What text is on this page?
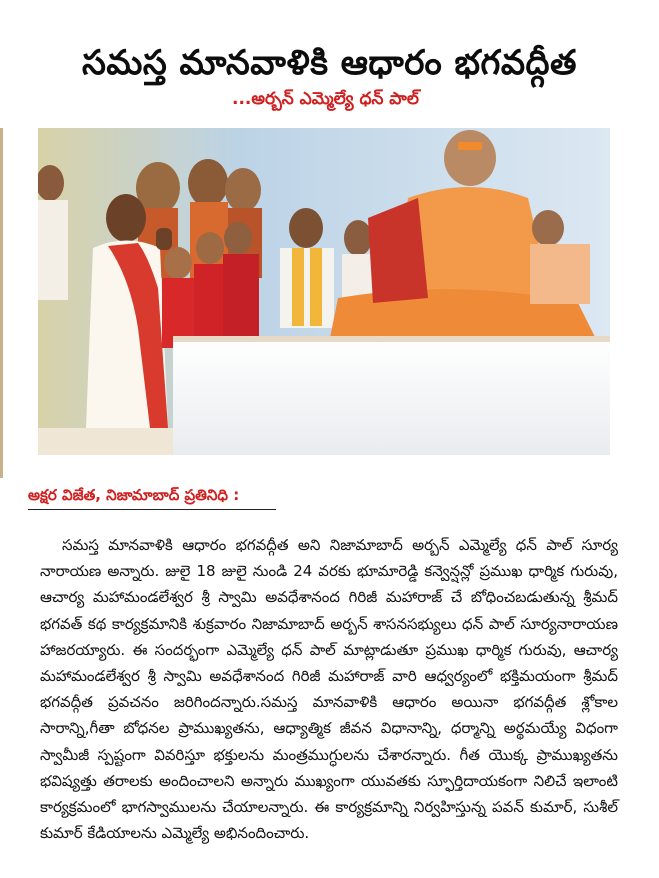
సమస్త మానవాళికి ఆధారం భగవద్గీత
...అర్బన్ ఎమ్మెల్యే ధన్ పాల్
అక్షర విజేత, నిజామాబాద్ ప్రతినిధి :

సమస్త మానవాళికి ఆధారం భగవద్గీత అని నిజామాబాద్ అర్బన్ ఎమ్మెల్యే ధన్ పాల్ సూర్య నారాయణ అన్నారు. జులై 18 జులై నుండి 24 వరకు భూమారెడ్డి కన్వెన్షన్లో ప్రముఖ ధార్మిక గురువు, ఆచార్య మహామండలేశ్వర శ్రీ స్వామి అవధేశానంద గిరిజీ మహారాజ్ చే బోధించబడుతున్న శ్రీమద్ భగవత్ కథ కార్యక్రమానికి శుక్రవారం నిజామాబాద్ అర్బన్ శాసనసభ్యులు ధన్ పాల్ సూర్యనారాయణ హాజరయ్యారు. ఈ సందర్భంగా ఎమ్మెల్యే ధన్ పాల్ మాట్లాడుతూ ప్రముఖ ధార్మిక గురువు, ఆచార్య మహామండలేశ్వర శ్రీ స్వామి అవధేశానంద గిరిజీ మహారాజ్ వారి ఆధ్వర్యంలో భక్తిమయంగా శ్రీమద్ భగవద్గీత ప్రవచనం జరిగిందన్నారు.సమస్త మానవాళికి ఆధారం అయినా భగవద్గీత శ్లోకాల సారాన్ని,గీతా బోధనల ప్రాముఖ్యతను, ఆధ్యాత్మిక జీవన విధానాన్ని, ధర్మాన్ని అర్థమయ్యే విధంగా స్వామీజీ స్పష్టంగా వివరిస్తూ భక్తులను మంత్రముగ్ధులను చేశారన్నారు. గీత యొక్క ప్రాముఖ్యతను భవిష్యత్తు తరాలకు అందించాలని అన్నారు ముఖ్యంగా యువతకు స్ఫూర్తిదాయకంగా నిలిచే ఇలాంటి కార్యక్రమంలో భాగస్వాములను చేయాలన్నారు. ఈ కార్యక్రమాన్ని నిర్వహిస్తున్న పవన్ కుమార్, సుశీల్ కుమార్ కేడియాలను ఎమ్మెల్యే అభినందించారు.
